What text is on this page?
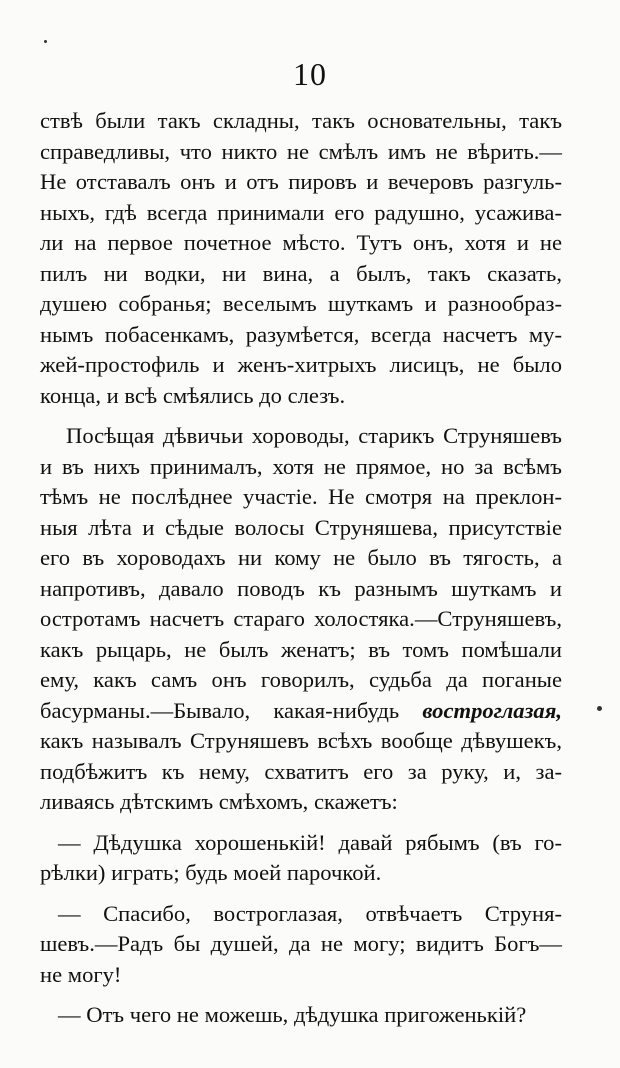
10
ствѣ были такъ складны, такъ основательны, такъ
справедливы, что никто не смѣлъ имъ не вѣрить.—
Не отставалъ онъ и отъ пировъ и вечеровъ разгуль-
ныхъ, гдѣ всегда принимали его радушно, усажива-
ли на первое почетное мѣсто. Тутъ онъ, хотя и не
пилъ ни водки, ни вина, а былъ, такъ сказать,
душею собранья; веселымъ шуткамъ и разнообраз-
нымъ побасенкамъ, разумѣется, всегда насчетъ му-
жей-простофиль и женъ-хитрыхъ лисицъ, не было
конца, и всѣ смѣялись до слезъ.
Посѣщая дѣвичьи хороводы, старикъ Струняшевъ
и въ нихъ принималъ, хотя не прямое, но за всѣмъ
тѣмъ не послѣднее участіе. Не смотря на преклон-
ныя лѣта и сѣдые волосы Струняшева, присутствіе
его въ хороводахъ ни кому не было въ тягость, а
напротивъ, давало поводъ къ разнымъ шуткамъ и
остротамъ насчетъ стараго холостяка.—Струняшевъ,
какъ рыцарь, не былъ женатъ; въ томъ помѣшали
ему, какъ самъ онъ говорилъ, судьба да поганые
басурманы.—Бывало, какая-нибудь востроглазая,
какъ называлъ Струняшевъ всѣхъ вообще дѣвушекъ,
подбѣжитъ къ нему, схватитъ его за руку, и, за-
ливаясь дѣтскимъ смѣхомъ, скажетъ:
— Дѣдушка хорошенькій! давай рябымъ (въ го-
рѣлки) играть; будь моей парочкой.
— Спасибо, востроглазая, отвѣчаетъ Струня-
шевъ.—Радъ бы душей, да не могу; видитъ Богъ—
не могу!
— Отъ чего не можешь, дѣдушка пригоженькій?
